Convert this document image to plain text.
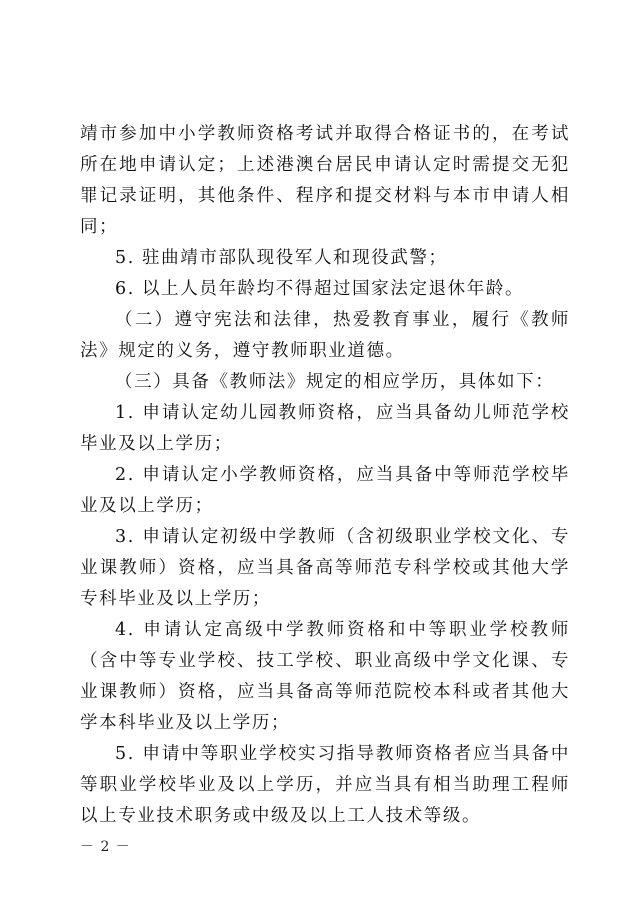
靖市参加中小学教师资格考试并取得合格证书的，在考试所在地申请认定；上述港澳台居民申请认定时需提交无犯罪记录证明，其他条件、程序和提交材料与本市申请人相同；

5. 驻曲靖市部队现役军人和现役武警；

6. 以上人员年龄均不得超过国家法定退休年龄。

（二）遵守宪法和法律，热爱教育事业，履行《教师法》规定的义务，遵守教师职业道德。

（三）具备《教师法》规定的相应学历，具体如下：

1. 申请认定幼儿园教师资格，应当具备幼儿师范学校毕业及以上学历；

2. 申请认定小学教师资格，应当具备中等师范学校毕业及以上学历；

3. 申请认定初级中学教师（含初级职业学校文化、专业课教师）资格，应当具备高等师范专科学校或其他大学专科毕业及以上学历；

4. 申请认定高级中学教师资格和中等职业学校教师（含中等专业学校、技工学校、职业高级中学文化课、专业课教师）资格，应当具备高等师范院校本科或者其他大学本科毕业及以上学历；

5. 申请中等职业学校实习指导教师资格者应当具备中等职业学校毕业及以上学历，并应当具有相当助理工程师以上专业技术职务或中级及以上工人技术等级。

－ 2 －
